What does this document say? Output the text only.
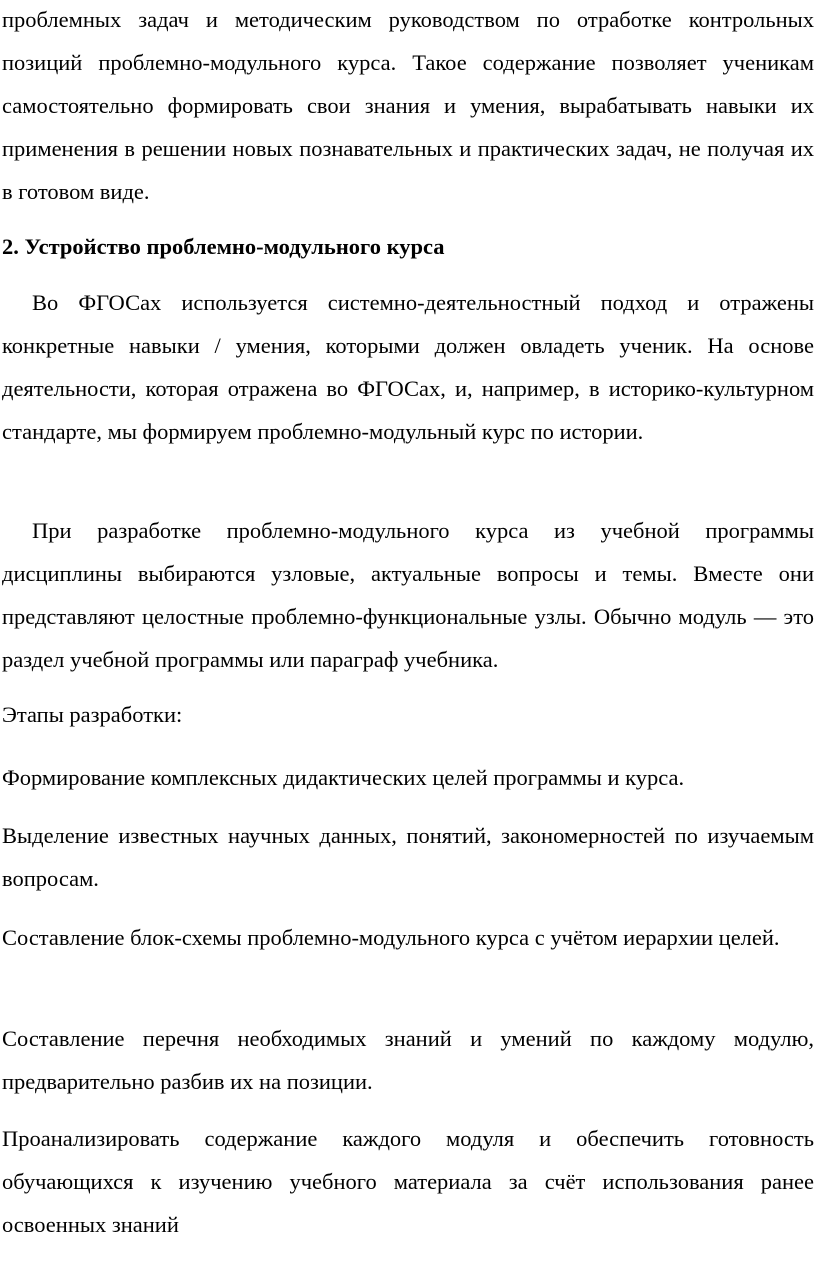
проблемных задач и методическим руководством по отработке контрольных позиций проблемно-модульного курса. Такое содержание позволяет ученикам самостоятельно формировать свои знания и умения, вырабатывать навыки их применения в решении новых познавательных и практических задач, не получая их в готовом виде.

2. Устройство проблемно-модульного курса

Во ФГОСах используется системно-деятельностный подход и отражены конкретные навыки / умения, которыми должен овладеть ученик. На основе деятельности, которая отражена во ФГОСах, и, например, в историко-культурном стандарте, мы формируем проблемно-модульный курс по истории.

При разработке проблемно-модульного курса из учебной программы дисциплины выбираются узловые, актуальные вопросы и темы. Вместе они представляют целостные проблемно-функциональные узлы. Обычно модуль — это раздел учебной программы или параграф учебника.

Этапы разработки:

Формирование комплексных дидактических целей программы и курса.

Выделение известных научных данных, понятий, закономерностей по изучаемым вопросам.

Составление блок-схемы проблемно-модульного курса с учётом иерархии целей.

Составление перечня необходимых знаний и умений по каждому модулю, предварительно разбив их на позиции.

Проанализировать содержание каждого модуля и обеспечить готовность обучающихся к изучению учебного материала за счёт использования ранее освоенных знаний
